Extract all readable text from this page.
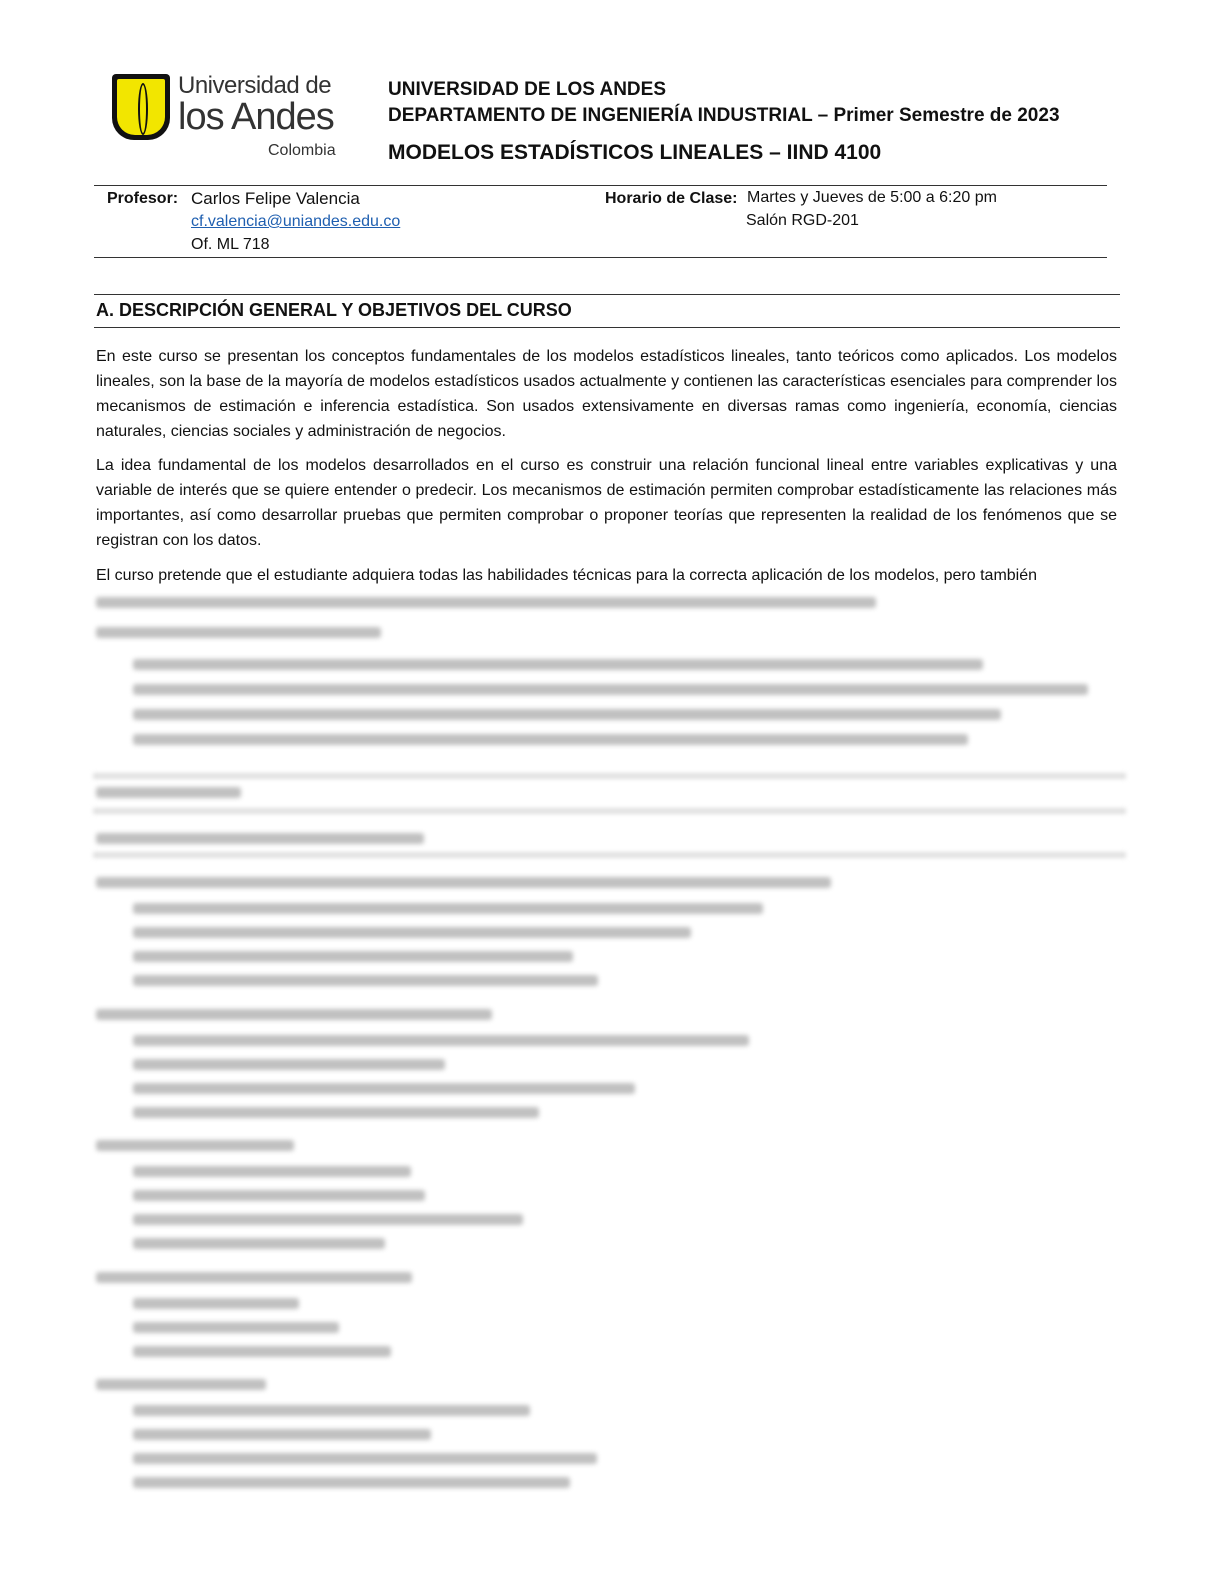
Universidad de
los Andes
Colombia
UNIVERSIDAD DE LOS ANDES
DEPARTAMENTO DE INGENIERÍA INDUSTRIAL – Primer Semestre de 2023
MODELOS ESTADÍSTICOS LINEALES – IIND 4100
Profesor: Carlos Felipe Valencia
cf.valencia@uniandes.edu.co
Of. ML 718
Horario de Clase: Martes y Jueves de 5:00 a 6:20 pm
Salón RGD-201
A. DESCRIPCIÓN GENERAL Y OBJETIVOS DEL CURSO
En este curso se presentan los conceptos fundamentales de los modelos estadísticos lineales, tanto teóricos como aplicados. Los modelos lineales, son la base de la mayoría de modelos estadísticos usados actualmente y contienen las características esenciales para comprender los mecanismos de estimación e inferencia estadística. Son usados extensivamente en diversas ramas como ingeniería, economía, ciencias naturales, ciencias sociales y administración de negocios.
La idea fundamental de los modelos desarrollados en el curso es construir una relación funcional lineal entre variables explicativas y una variable de interés que se quiere entender o predecir. Los mecanismos de estimación permiten comprobar estadísticamente las relaciones más importantes, así como desarrollar pruebas que permiten comprobar o proponer teorías que representen la realidad de los fenómenos que se registran con los datos.
El curso pretende que el estudiante adquiera todas las habilidades técnicas para la correcta aplicación de los modelos, pero también
